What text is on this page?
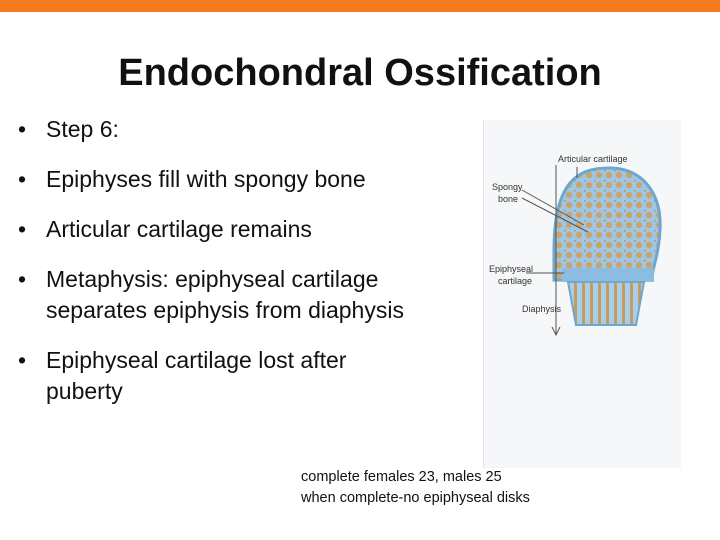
Endochondral Ossification
• Step 6:
• Epiphyses fill with spongy bone
• Articular cartilage remains
• Metaphysis: epiphyseal cartilage separates epiphysis from diaphysis
• Epiphyseal cartilage lost after puberty
Articular cartilage
Spongy
bone
Epiphyseal
cartilage
Diaphysis
complete females 23, males 25
when complete-no epiphyseal disks
